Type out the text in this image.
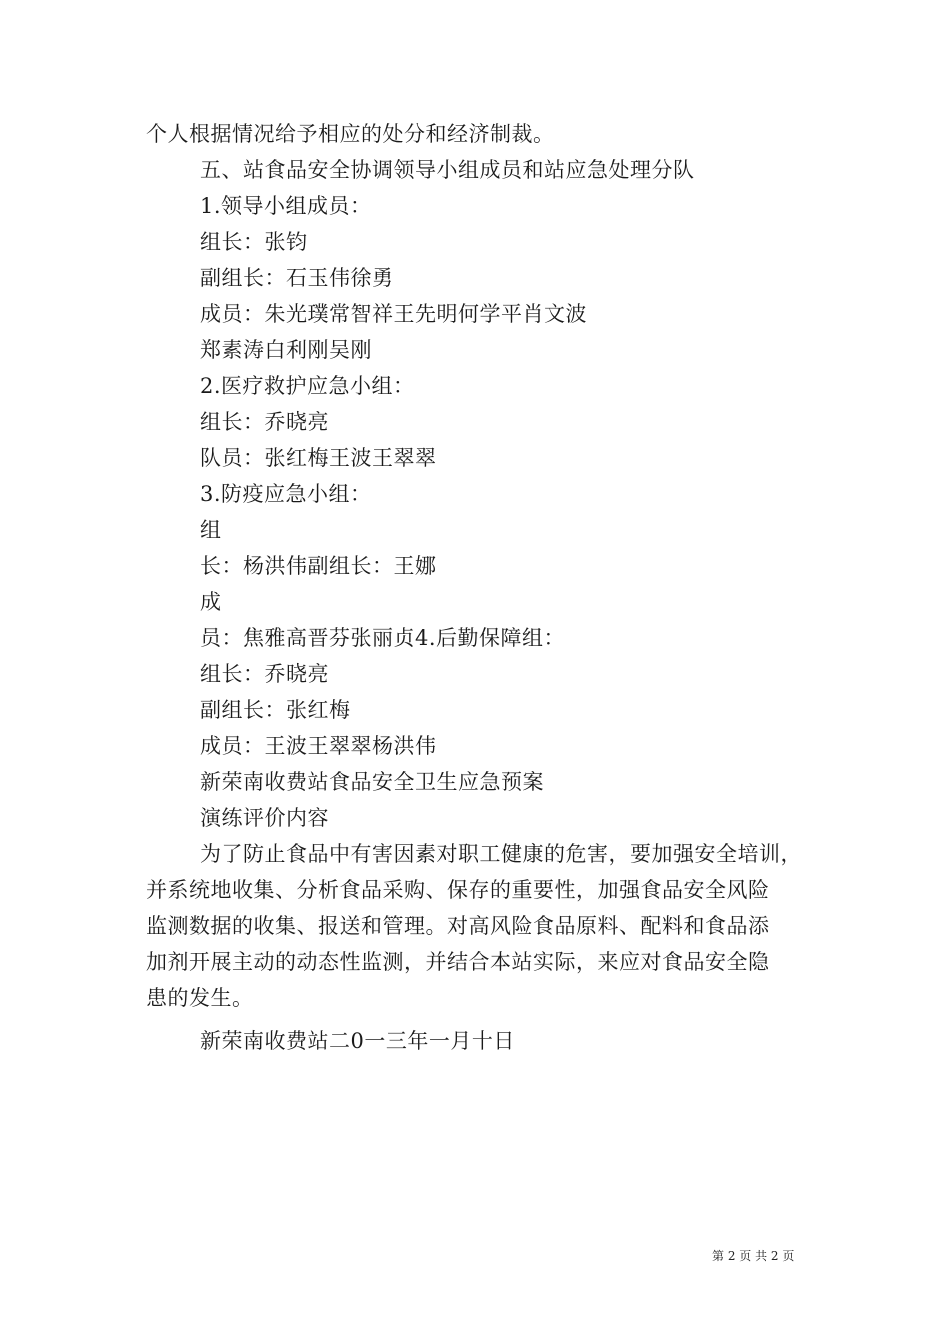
个人根据情况给予相应的处分和经济制裁。
五、站食品安全协调领导小组成员和站应急处理分队
1.领导小组成员：
组长：张钧
副组长：石玉伟徐勇
成员：朱光璞常智祥王先明何学平肖文波
郑素涛白利刚吴刚
2.医疗救护应急小组：
组长：乔晓亮
队员：张红梅王波王翠翠
3.防疫应急小组：
组
长：杨洪伟副组长：王娜
成
员：焦雅高晋芬张丽贞4.后勤保障组：
组长：乔晓亮
副组长：张红梅
成员：王波王翠翠杨洪伟
新荣南收费站食品安全卫生应急预案
演练评价内容
为了防止食品中有害因素对职工健康的危害，要加强安全培训，
并系统地收集、分析食品采购、保存的重要性，加强食品安全风险
监测数据的收集、报送和管理。对高风险食品原料、配料和食品添
加剂开展主动的动态性监测，并结合本站实际，来应对食品安全隐
患的发生。
新荣南收费站二0一三年一月十日
第 2 页 共 2 页
